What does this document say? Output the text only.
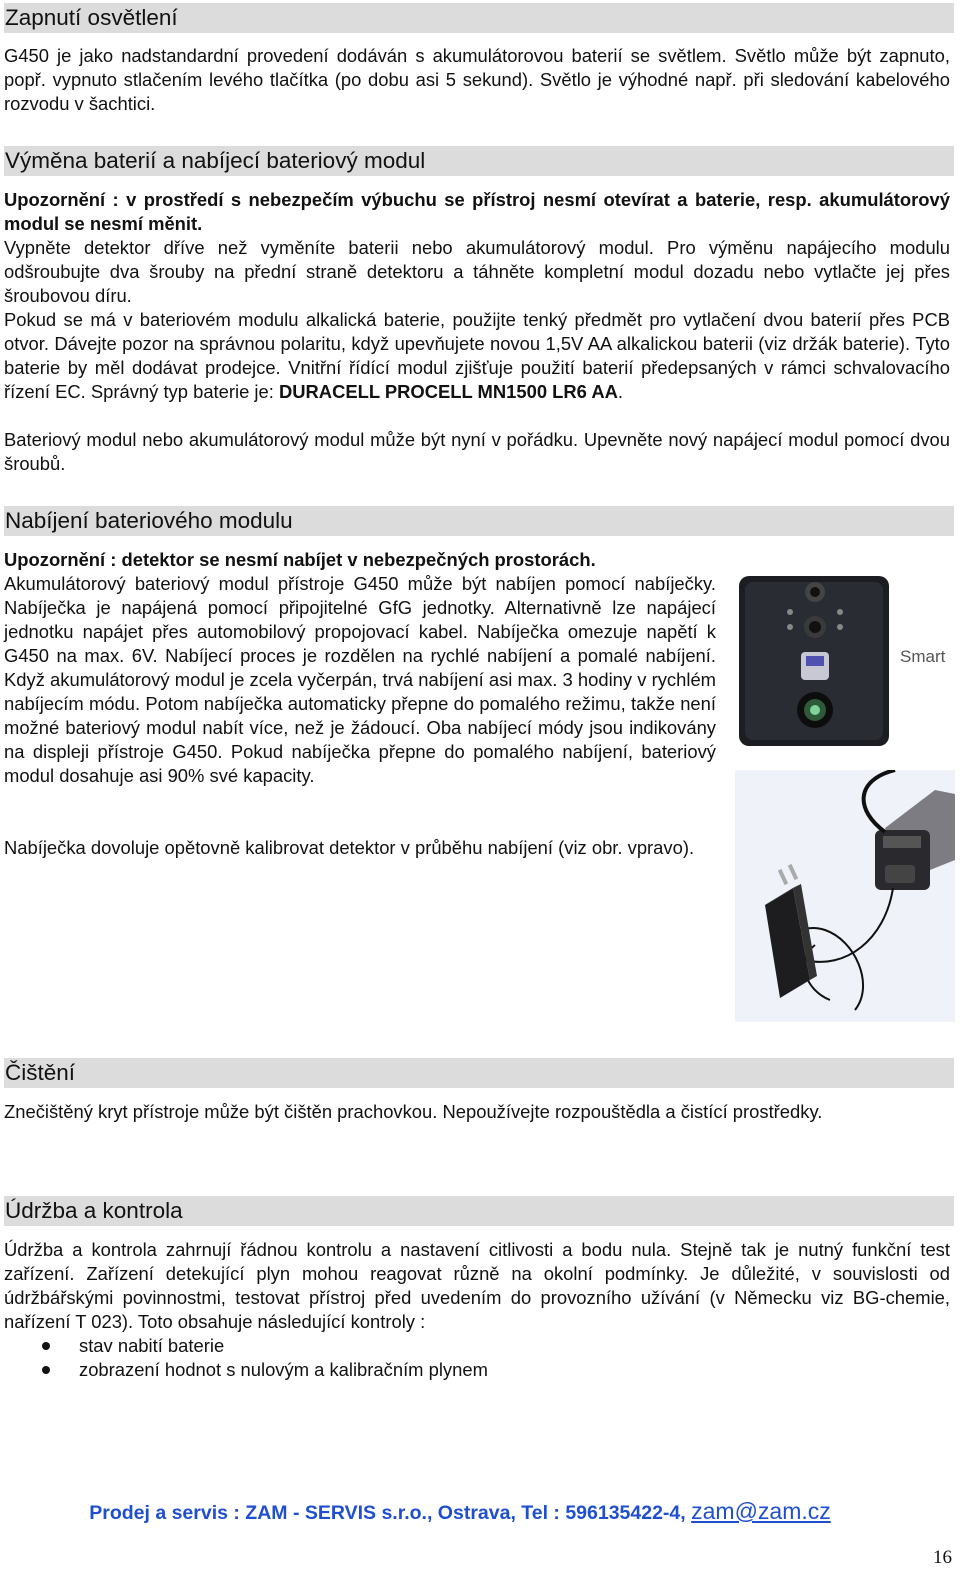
Zapnutí osvětlení

G450 je jako nadstandardní provedení dodáván s akumulátorovou baterií se světlem. Světlo může být zapnuto, popř. vypnuto stlačením levého tlačítka (po dobu asi 5 sekund). Světlo je výhodné např. při sledování kabelového rozvodu v šachtici.

Výměna baterií a nabíjecí bateriový modul

Upozornění : v prostředí s nebezpečím výbuchu se přístroj nesmí otevírat a baterie, resp. akumulátorový modul se nesmí měnit.

Vypněte detektor dříve než vyměníte baterii nebo akumulátorový modul. Pro výměnu napájecího modulu odšroubujte dva šrouby na přední straně detektoru a táhněte kompletní modul dozadu nebo vytlačte jej přes šroubovou díru.

Pokud se má v bateriovém modulu alkalická baterie, použijte tenký předmět pro vytlačení dvou baterií přes PCB otvor. Dávejte pozor na správnou polaritu, když upevňujete novou 1,5V AA alkalickou baterii (viz držák baterie). Tyto baterie by měl dodávat prodejce. Vnitřní řídící modul zjišťuje použití baterií předepsaných v rámci schvalovacího řízení EC. Správný typ baterie je: DURACELL PROCELL MN1500 LR6 AA.

Bateriový modul nebo akumulátorový modul může být nyní v pořádku. Upevněte nový napájecí modul pomocí dvou šroubů.

Nabíjení bateriového modulu

Upozornění : detektor se nesmí nabíjet v nebezpečných prostorách.

Akumulátorový bateriový modul přístroje G450 může být nabíjen pomocí nabíječky. Nabíječka je napájená pomocí připojitelné GfG jednotky. Alternativně lze napájecí jednotku napájet přes automobilový propojovací kabel. Nabíječka omezuje napětí k G450 na max. 6V. Nabíjecí proces je rozdělen na rychlé nabíjení a pomalé nabíjení. Když akumulátorový modul je zcela vyčerpán, trvá nabíjení asi max. 3 hodiny v rychlém nabíjecím módu. Potom nabíječka automaticky přepne do pomalého režimu, takže není možné bateriový modul nabít více, než je žádoucí. Oba nabíjecí módy jsou indikovány na displeji přístroje G450. Pokud nabíječka přepne do pomalého nabíjení, bateriový modul dosahuje asi 90% své kapacity.

Nabíječka dovoluje opětovně kalibrovat detektor v průběhu nabíjení (viz obr. vpravo).

Smart
Čištění

Znečištěný kryt přístroje může být čištěn prachovkou. Nepoužívejte rozpouštědla a čistící prostředky.

Údržba a kontrola

Údržba a kontrola zahrnují řádnou kontrolu a nastavení citlivosti a bodu nula. Stejně tak je nutný funkční test zařízení. Zařízení detekující plyn mohou reagovat různě na okolní podmínky. Je důležité, v souvislosti od údržbářskými povinnostmi, testovat přístroj před uvedením do provozního užívání (v Německu viz BG-chemie, nařízení T 023). Toto obsahuje následující kontroly :

stav nabití baterie
zobrazení hodnot s nulovým a kalibračním plynem
Prodej a servis : ZAM - SERVIS s.r.o., Ostrava, Tel : 596135422-4, zam@zam.cz
16
